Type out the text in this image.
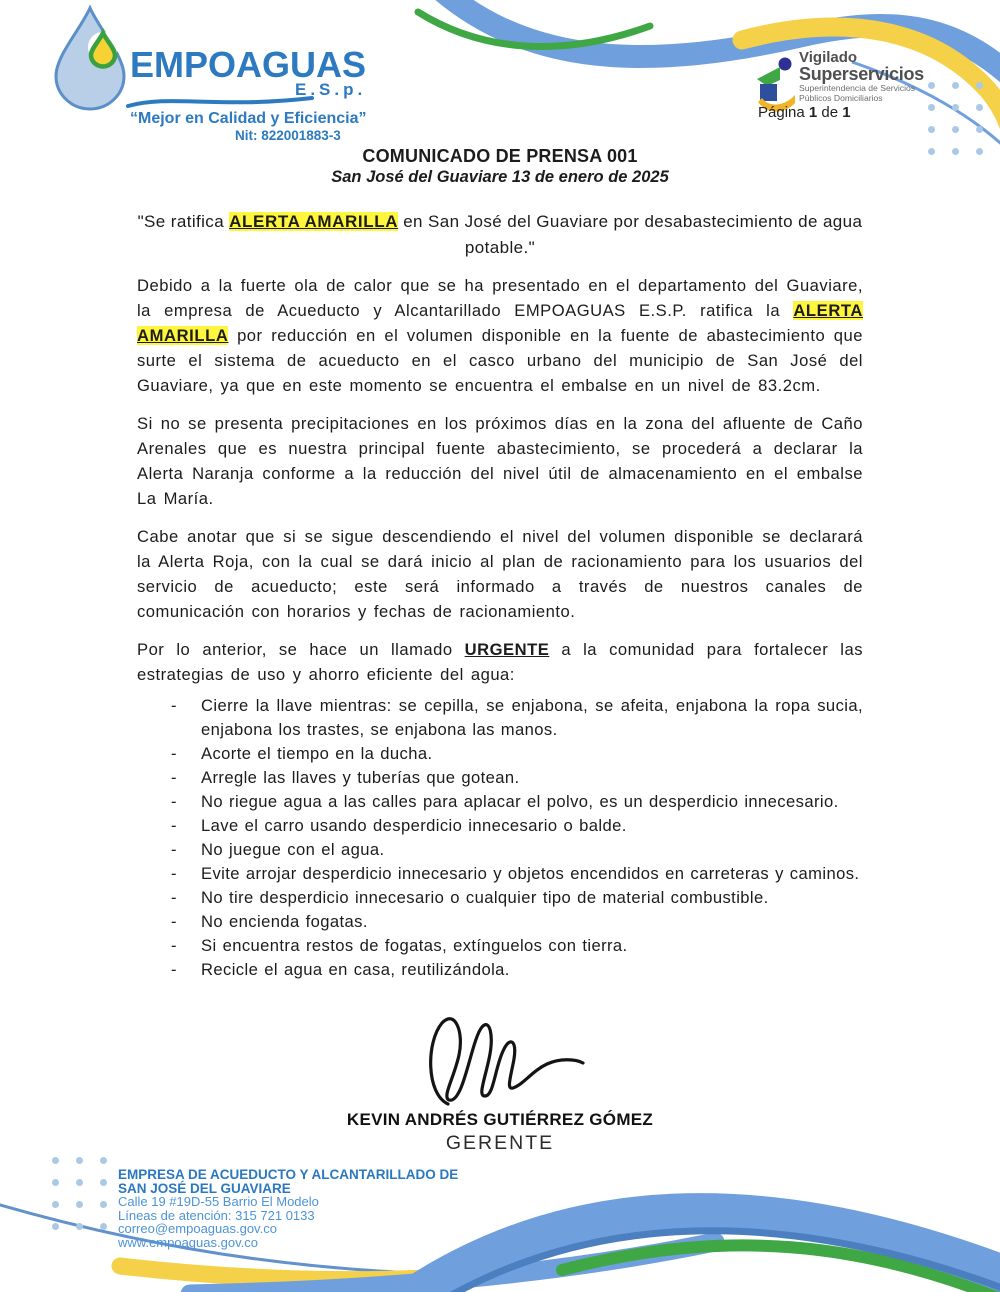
EMPOAGUAS
E.S.p.
“Mejor en Calidad y Eficiencia”
Nit: 822001883-3
Vigilado
Superservicios
Superintendencia de Servicios
Públicos Domiciliarios
Página 1 de 1
COMUNICADO DE PRENSA 001
San José del Guaviare 13 de enero de 2025

"Se ratifica ALERTA AMARILLA en San José del Guaviare por desabastecimiento de agua potable."

Debido a la fuerte ola de calor que se ha presentado en el departamento del Guaviare, la empresa de Acueducto y Alcantarillado EMPOAGUAS E.S.P. ratifica la ALERTA AMARILLA por reducción en el volumen disponible en la fuente de abastecimiento que surte el sistema de acueducto en el casco urbano del municipio de San José del Guaviare, ya que en este momento se encuentra el embalse en un nivel de 83.2cm.

Si no se presenta precipitaciones en los próximos días en la zona del afluente de Caño Arenales que es nuestra principal fuente abastecimiento, se procederá a declarar la Alerta Naranja conforme a la reducción del nivel útil de almacenamiento en el embalse La María.

Cabe anotar que si se sigue descendiendo el nivel del volumen disponible se declarará la Alerta Roja, con la cual se dará inicio al plan de racionamiento para los usuarios del servicio de acueducto; este será informado a través de nuestros canales de comunicación con horarios y fechas de racionamiento.

Por lo anterior, se hace un llamado URGENTE a la comunidad para fortalecer las estrategias de uso y ahorro eficiente del agua:

- Cierre la llave mientras: se cepilla, se enjabona, se afeita, enjabona la ropa sucia, enjabona los trastes, se enjabona las manos.
- Acorte el tiempo en la ducha.
- Arregle las llaves y tuberías que gotean.
- No riegue agua a las calles para aplacar el polvo, es un desperdicio innecesario.
- Lave el carro usando desperdicio innecesario o balde.
- No juegue con el agua.
- Evite arrojar desperdicio innecesario y objetos encendidos en carreteras y caminos.
- No tire desperdicio innecesario o cualquier tipo de material combustible.
- No encienda fogatas.
- Si encuentra restos de fogatas, extínguelos con tierra.
- Recicle el agua en casa, reutilizándola.
KEVIN ANDRÉS GUTIÉRREZ GÓMEZ
GERENTE
EMPRESA DE ACUEDUCTO Y ALCANTARILLADO DE
SAN JOSÉ DEL GUAVIARE
Calle 19 #19D-55 Barrio El Modelo
Líneas de atención: 315 721 0133
correo@empoaguas.gov.co
www.empoaguas.gov.co
